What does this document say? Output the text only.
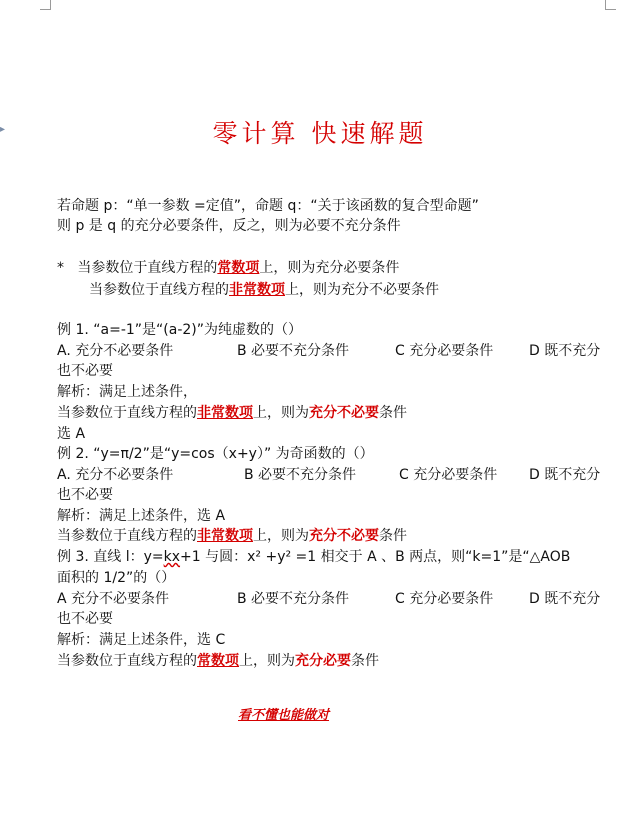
▸	零计算 快速解题
若命题 p：“单一参数 =定值”，命题 q：“关于该函数的复合型命题”
则 p 是 q 的充分必要条件，反之，则为必要不充分条件
* 当参数位于直线方程的常数项上，则为充分必要条件
当参数位于直线方程的非常数项上，则为充分不必要条件
例 1. “a=-1”是“(a-2)”为纯虚数的（）
A. 充分不必要条件	B 必要不充分条件	C 充分必要条件	D 既不充分
也不必要
解析：满足上述条件，
当参数位于直线方程的非常数项上，则为充分不必要条件
选 A
例 2. “y=π/2”是“y=cos（x+y）” 为奇函数的（）
A. 充分不必要条件	B 必要不充分条件	C 充分必要条件 D 既不充分
也不必要
解析：满足上述条件，选 A
当参数位于直线方程的非常数项上，则为充分不必要条件
例 3. 直线 l：y=kx+1 与圆：x² +y² =1 相交于 A 、B 两点，则“k=1”是“△AOB
面积的 1/2”的（）
A 充分不必要条件	B 必要不充分条件	C 充分必要条件	D 既不充分
也不必要
解析：满足上述条件，选 C
当参数位于直线方程的常数项上，则为充分必要条件
看不懂也能做对
